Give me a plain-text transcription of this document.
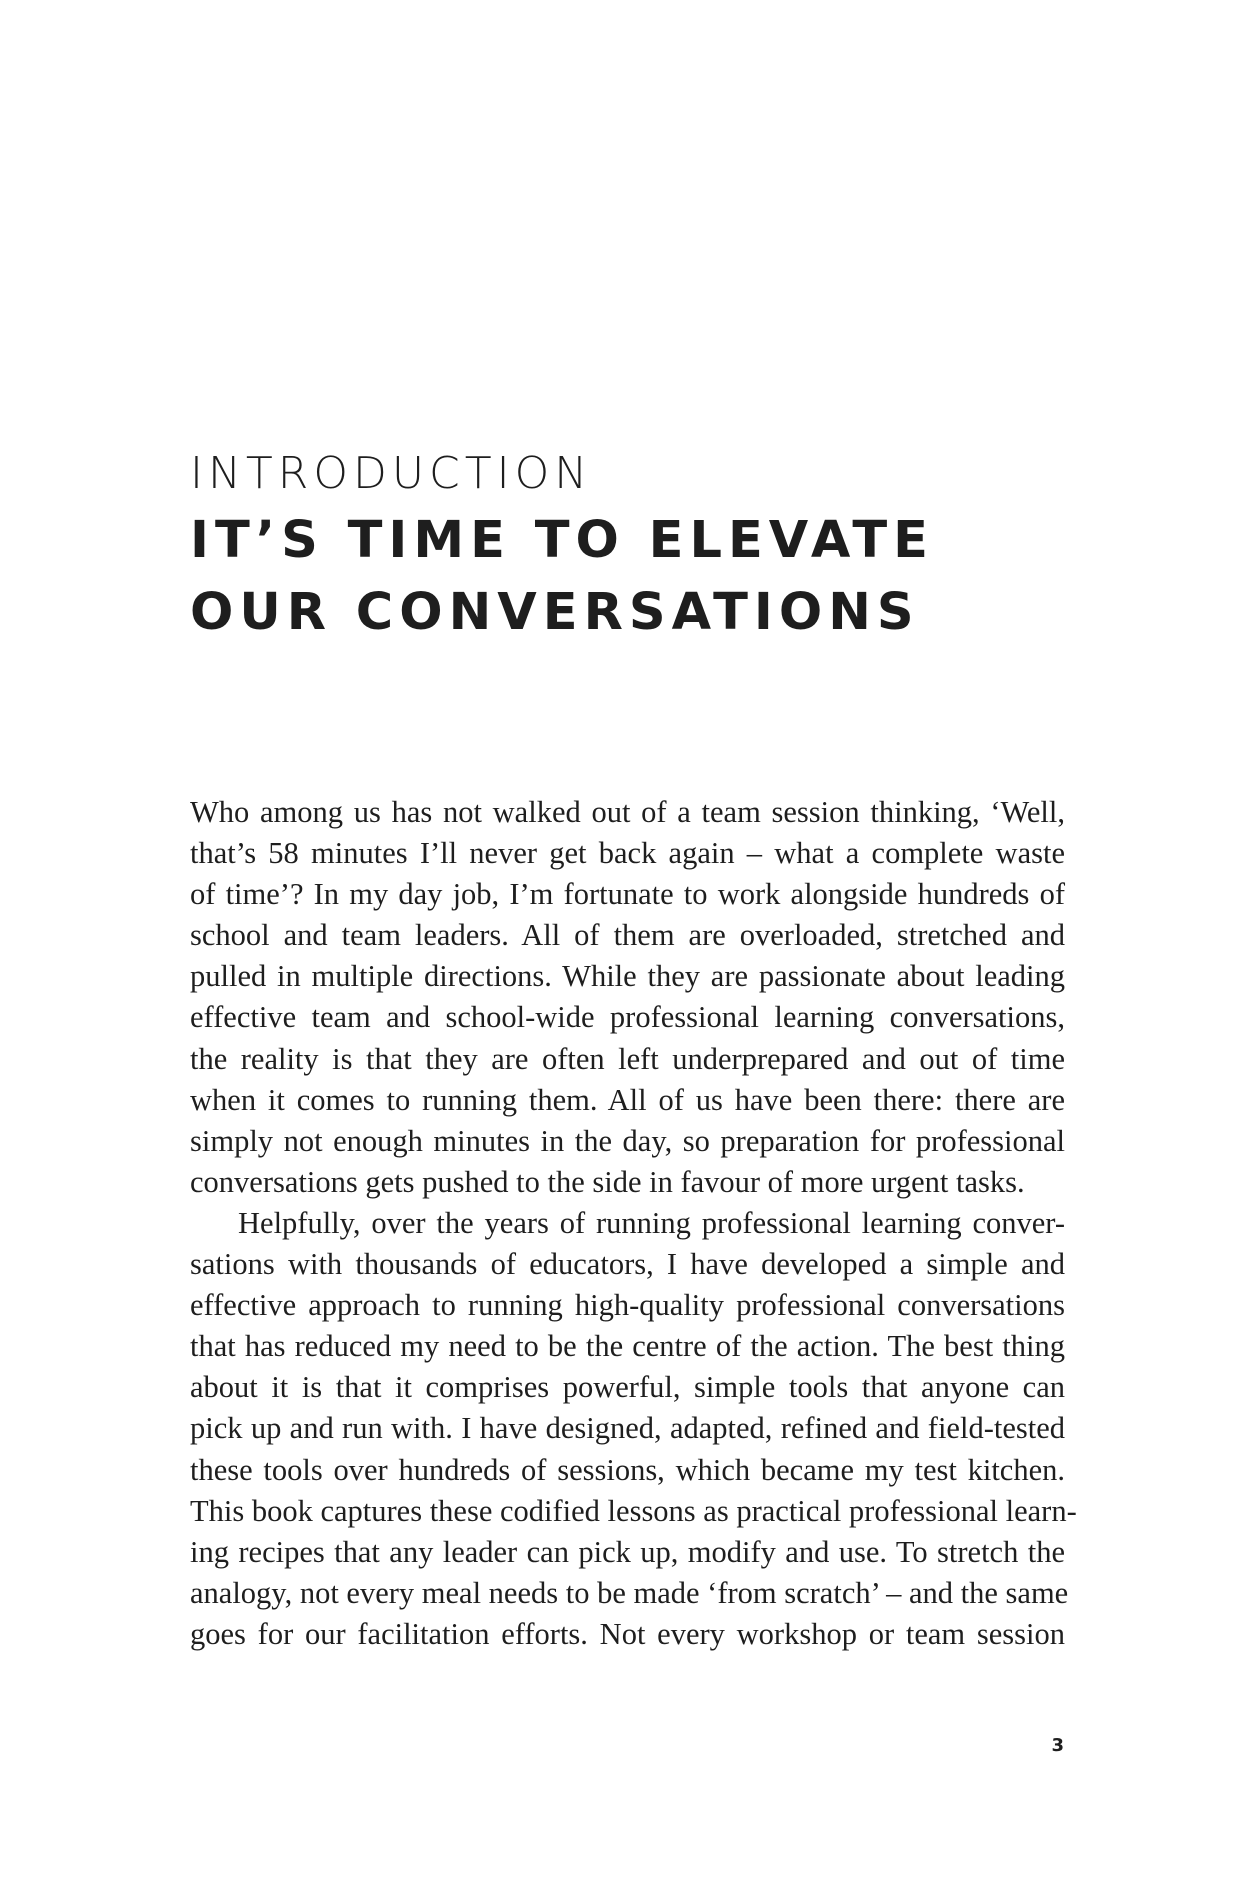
INTRODUCTION
IT’S TIME TO ELEVATE
OUR CONVERSATIONS
Who among us has not walked out of a team session thinking, ‘Well,
that’s 58 minutes I’ll never get back again – what a complete waste
of time’? In my day job, I’m fortunate to work alongside hundreds of
school and team leaders. All of them are overloaded, stretched and
pulled in multiple directions. While they are passionate about leading
effective team and school-wide professional learning conversations,
the reality is that they are often left underprepared and out of time
when it comes to running them. All of us have been there: there are
simply not enough minutes in the day, so preparation for professional
conversations gets pushed to the side in favour of more urgent tasks.
Helpfully, over the years of running professional learning conver-
sations with thousands of educators, I have developed a simple and
effective approach to running high-quality professional conversations
that has reduced my need to be the centre of the action. The best thing
about it is that it comprises powerful, simple tools that anyone can
pick up and run with. I have designed, adapted, refined and field-tested
these tools over hundreds of sessions, which became my test kitchen.
This book captures these codified lessons as practical professional learn-
ing recipes that any leader can pick up, modify and use. To stretch the
analogy, not every meal needs to be made ‘from scratch’ – and the same
goes for our facilitation efforts. Not every workshop or team session

3
